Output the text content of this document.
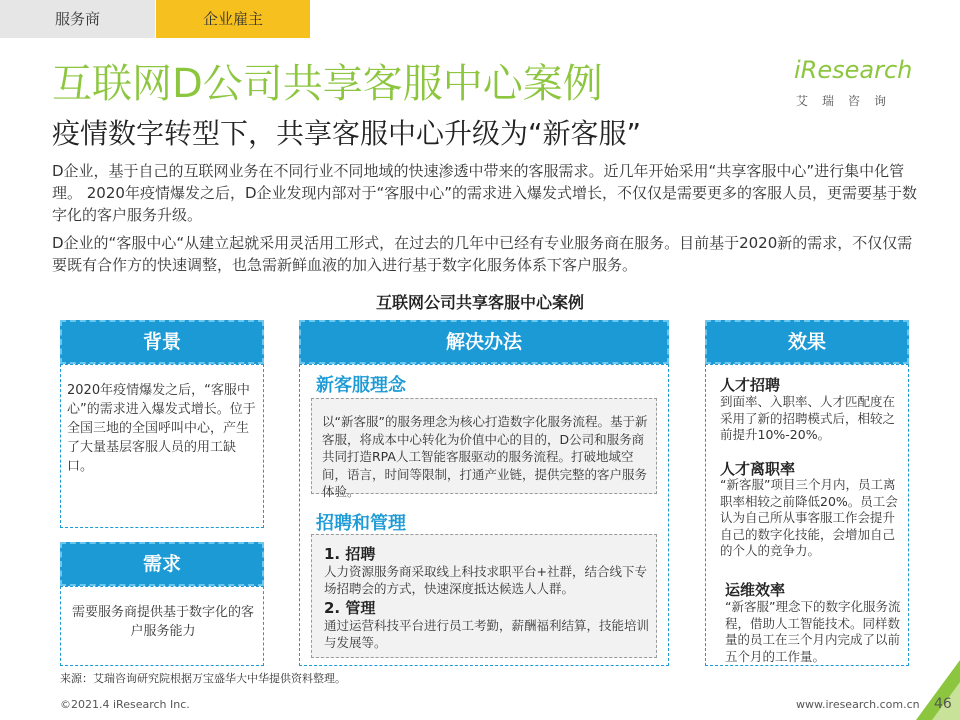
服务商	企业雇主
互联网D公司共享客服中心案例
疫情数字转型下，共享客服中心升级为“新客服”
iResearch
艾瑞咨询
D企业，基于自己的互联网业务在不同行业不同地域的快速渗透中带来的客服需求。近几年开始采用“共享客服中心”进行集中化管理。 2020年疫情爆发之后，D企业发现内部对于“客服中心”的需求进入爆发式增长，不仅仅是需要更多的客服人员，更需要基于数字化的客户服务升级。
D企业的“客服中心“从建立起就采用灵活用工形式，在过去的几年中已经有专业服务商在服务。目前基于2020新的需求，不仅仅需要既有合作方的快速调整，也急需新鲜血液的加入进行基于数字化服务体系下客户服务。
互联网公司共享客服中心案例
背景
2020年疫情爆发之后，“客服中心”的需求进入爆发式增长。位于全国三地的全国呼叫中心，产生了大量基层客服人员的用工缺口。
需求
需要服务商提供基于数字化的客户服务能力
解决办法
新客服理念
以“新客服”的服务理念为核心打造数字化服务流程。基于新客服，将成本中心转化为价值中心的目的，D公司和服务商共同打造RPA人工智能客服驱动的服务流程。打破地域空间，语言，时间等限制，打通产业链，提供完整的客户服务体验。
招聘和管理
1. 招聘
人力资源服务商采取线上科技求职平台+社群，结合线下专场招聘会的方式，快速深度抵达候选人人群。
2. 管理
通过运营科技平台进行员工考勤，薪酬福利结算，技能培训与发展等。
效果
人才招聘
到面率、入职率、人才匹配度在采用了新的招聘模式后，相较之前提升10%-20%。
人才离职率
“新客服”项目三个月内，员工离职率相较之前降低20%。员工会认为自己所从事客服工作会提升自己的数字化技能，会增加自己的个人的竞争力。
运维效率
“新客服”理念下的数字化服务流程，借助人工智能技术。同样数量的员工在三个月内完成了以前五个月的工作量。
来源：艾瑞咨询研究院根据万宝盛华大中华提供资料整理。
©2021.4 iResearch Inc.	www.iresearch.com.cn 46
